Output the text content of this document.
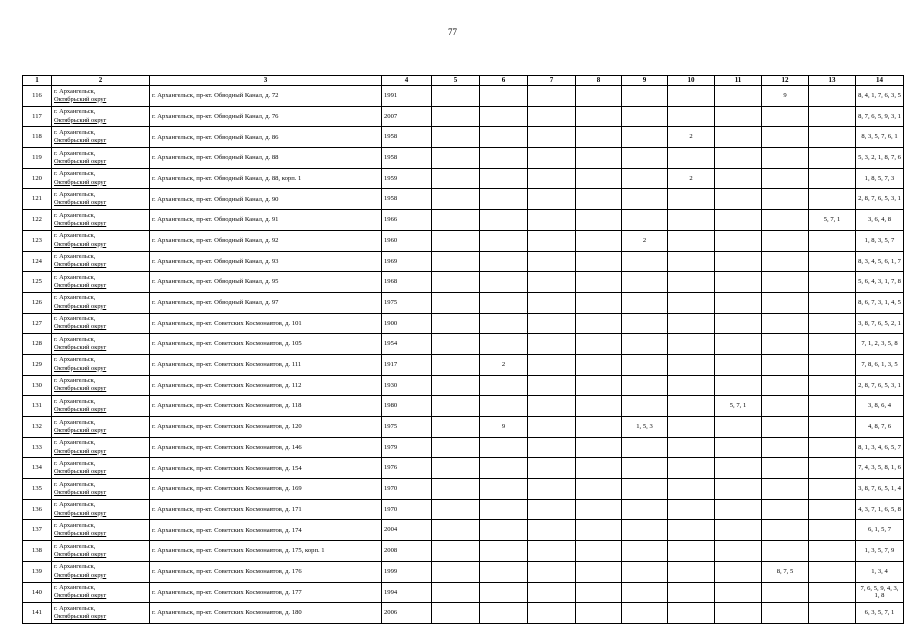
77
1	2	3	4	5	6	7	8	9	10	11	12	13	14
116	г. Архангельск,
Октябрьский округ	г. Архангельск, пр-кт. Обводный Канал, д. 72	1991								9		8, 4, 1, 7, 6, 3, 5
117	г. Архангельск,
Октябрьский округ	г. Архангельск, пр-кт. Обводный Канал, д. 76	2007										8, 7, 6, 5, 9, 3, 1
118	г. Архангельск,
Октябрьский округ	г. Архангельск, пр-кт. Обводный Канал, д. 86	1958						2				8, 3, 5, 7, 6, 1
119	г. Архангельск,
Октябрьский округ	г. Архангельск, пр-кт. Обводный Канал, д. 88	1958										5, 3, 2, 1, 8, 7, 6
120	г. Архангельск,
Октябрьский округ	г. Архангельск, пр-кт. Обводный Канал, д. 88, корп. 1	1959						2				1, 8, 5, 7, 3
121	г. Архангельск,
Октябрьский округ	г. Архангельск, пр-кт. Обводный Канал, д. 90	1958										2, 8, 7, 6, 5, 3, 1
122	г. Архангельск,
Октябрьский округ	г. Архангельск, пр-кт. Обводный Канал, д. 91	1966									5, 7, 1	3, 6, 4, 8
123	г. Архангельск,
Октябрьский округ	г. Архангельск, пр-кт. Обводный Канал, д. 92	1960					2					1, 8, 3, 5, 7
124	г. Архангельск,
Октябрьский округ	г. Архангельск, пр-кт. Обводный Канал, д. 93	1969										8, 3, 4, 5, 6, 1, 7
125	г. Архангельск,
Октябрьский округ	г. Архангельск, пр-кт. Обводный Канал, д. 95	1968										5, 6, 4, 3, 1, 7, 8
126	г. Архангельск,
Октябрьский округ	г. Архангельск, пр-кт. Обводный Канал, д. 97	1975										8, 6, 7, 3, 1, 4, 5
127	г. Архангельск,
Октябрьский округ	г. Архангельск, пр-кт. Советских Космонавтов, д. 101	1900										3, 8, 7, 6, 5, 2, 1
128	г. Архангельск,
Октябрьский округ	г. Архангельск, пр-кт. Советских Космонавтов, д. 105	1954										7, 1, 2, 3, 5, 8
129	г. Архангельск,
Октябрьский округ	г. Архангельск, пр-кт. Советских Космонавтов, д. 111	1917		2								7, 8, 6, 1, 3, 5
130	г. Архангельск,
Октябрьский округ	г. Архангельск, пр-кт. Советских Космонавтов, д. 112	1930										2, 8, 7, 6, 5, 3, 1
131	г. Архангельск,
Октябрьский округ	г. Архангельск, пр-кт. Советских Космонавтов, д. 118	1980							5, 7, 1			3, 8, 6, 4
132	г. Архангельск,
Октябрьский округ	г. Архангельск, пр-кт. Советских Космонавтов, д. 120	1975		9			1, 5, 3					4, 8, 7, 6
133	г. Архангельск,
Октябрьский округ	г. Архангельск, пр-кт. Советских Космонавтов, д. 146	1979										8, 1, 3, 4, 6, 5, 7
134	г. Архангельск,
Октябрьский округ	г. Архангельск, пр-кт. Советских Космонавтов, д. 154	1976										7, 4, 3, 5, 8, 1, 6
135	г. Архангельск,
Октябрьский округ	г. Архангельск, пр-кт. Советских Космонавтов, д. 169	1970										3, 8, 7, 6, 5, 1, 4
136	г. Архангельск,
Октябрьский округ	г. Архангельск, пр-кт. Советских Космонавтов, д. 171	1970										4, 3, 7, 1, 6, 5, 8
137	г. Архангельск,
Октябрьский округ	г. Архангельск, пр-кт. Советских Космонавтов, д. 174	2004										6, 1, 5, 7
138	г. Архангельск,
Октябрьский округ	г. Архангельск, пр-кт. Советских Космонавтов, д. 175, корп. 1	2008										1, 3, 5, 7, 9
139	г. Архангельск,
Октябрьский округ	г. Архангельск, пр-кт. Советских Космонавтов, д. 176	1999								8, 7, 5		1, 3, 4
140	г. Архангельск,
Октябрьский округ	г. Архангельск, пр-кт. Советских Космонавтов, д. 177	1994										7, 6, 5, 9, 4, 3, 1, 8
141	г. Архангельск,
Октябрьский округ	г. Архангельск, пр-кт. Советских Космонавтов, д. 180	2006										6, 3, 5, 7, 1
